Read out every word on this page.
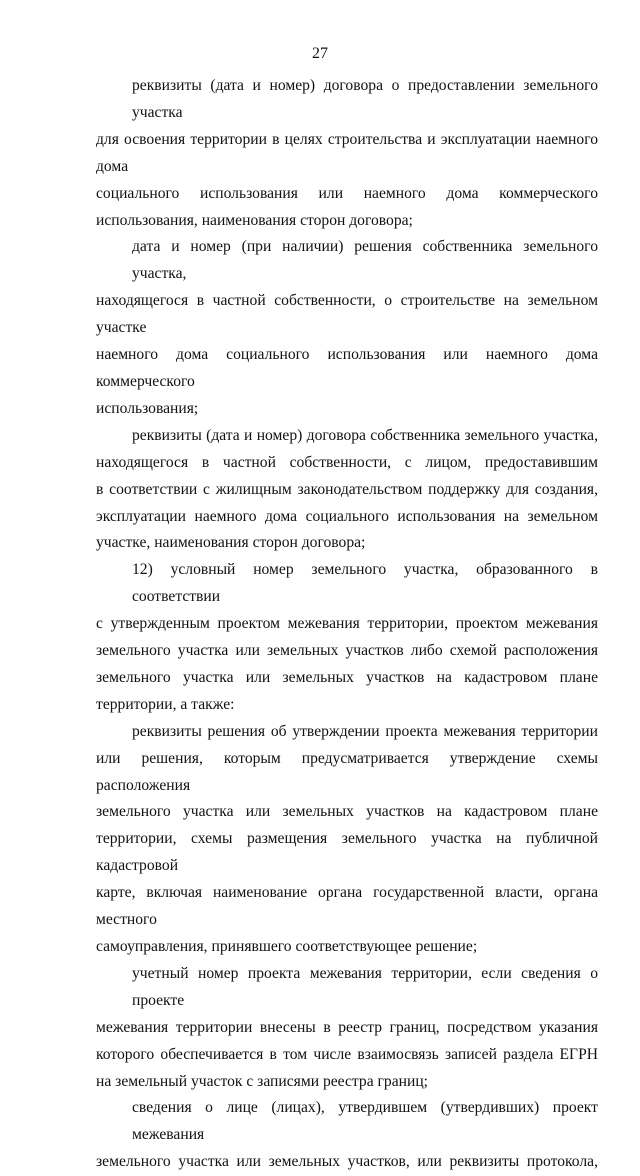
27

реквизиты (дата и номер) договора о предоставлении земельного участка
для освоения территории в целях строительства и эксплуатации наемного дома
социального использования или наемного дома коммерческого
использования, наименования сторон договора;

дата и номер (при наличии) решения собственника земельного участка,
находящегося в частной собственности, о строительстве на земельном участке
наемного дома социального использования или наемного дома коммерческого
использования;

реквизиты (дата и номер) договора собственника земельного участка,
находящегося в частной собственности, с лицом, предоставившим
в соответствии с жилищным законодательством поддержку для создания,
эксплуатации наемного дома социального использования на земельном
участке, наименования сторон договора;

12) условный номер земельного участка, образованного в соответствии
с утвержденным проектом межевания территории, проектом межевания
земельного участка или земельных участков либо схемой расположения
земельного участка или земельных участков на кадастровом плане
территории, а также:

реквизиты решения об утверждении проекта межевания территории
или решения, которым предусматривается утверждение схемы расположения
земельного участка или земельных участков на кадастровом плане
территории, схемы размещения земельного участка на публичной кадастровой
карте, включая наименование органа государственной власти, органа местного
самоуправления, принявшего соответствующее решение;

учетный номер проекта межевания территории, если сведения о проекте
межевания территории внесены в реестр границ, посредством указания
которого обеспечивается в том числе взаимосвязь записей раздела ЕГРН
на земельный участок с записями реестра границ;

сведения о лице (лицах), утвердившем (утвердивших) проект межевания
земельного участка или земельных участков, или реквизиты протокола,
